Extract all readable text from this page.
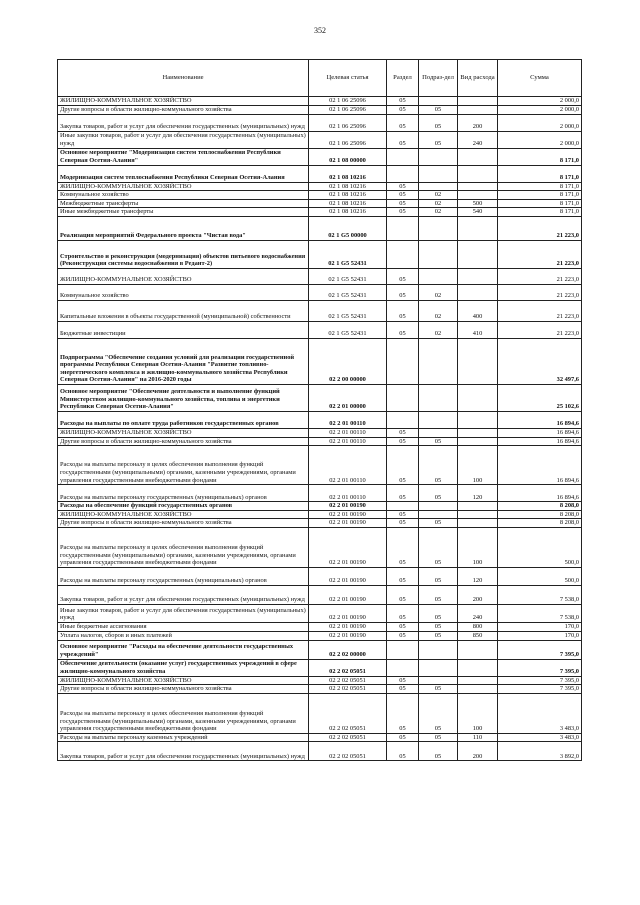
352
Наименование	Целевая статья	Раздел	Подраз-дел	Вид расхода	Сумма
ЖИЛИЩНО-КОММУНАЛЬНОЕ ХОЗЯЙСТВО	02 1 06 25096	05			2 000,0
Другие вопросы в области жилищно-коммунального хозяйства	02 1 06 25096	05	05		2 000,0
Закупка товаров, работ и услуг для обеспечения государственных (муниципальных) нужд	02 1 06 25096	05	05	200	2 000,0
Иные закупки товаров, работ и услуг для обеспечения государственных (муниципальных) нужд	02 1 06 25096	05	05	240	2 000,0
Основное мероприятие "Модернизация систем теплоснабжения Республики Северная Осетия-Алания"	02 1 08 00000				8 171,0
Модернизация систем теплоснабжения Республики Северная Осетия-Алания	02 1 08 10216				8 171,0
ЖИЛИЩНО-КОММУНАЛЬНОЕ ХОЗЯЙСТВО	02 1 08 10216	05			8 171,0
Коммунальное хозяйство	02 1 08 10216	05	02		8 171,0
Межбюджетные трансферты	02 1 08 10216	05	02	500	8 171,0
Иные межбюджетные трансферты	02 1 08 10216	05	02	540	8 171,0
Реализация мероприятий Федерального проекта "Чистая вода"	02 1 G5 00000				21 223,0
Строительство и реконструкция (модернизация) объектов питьевого водоснабжения (Реконструкция системы водоснабжения в Редант-2)	02 1 G5 52431				21 223,0
ЖИЛИЩНО-КОММУНАЛЬНОЕ ХОЗЯЙСТВО	02 1 G5 52431	05			21 223,0
Коммунальное хозяйство	02 1 G5 52431	05	02		21 223,0
Капитальные вложения в объекты государственной (муниципальной) собственности	02 1 G5 52431	05	02	400	21 223,0
Бюджетные инвестиции	02 1 G5 52431	05	02	410	21 223,0
Подпрограмма "Обеспечение создания условий для реализации государственной программы Республики Северная Осетия-Алания "Развитие топливно-энергетического комплекса и жилищно-коммунального хозяйства Республики Северная Осетия-Алания" на 2016-2020 годы	02 2 00 00000				32 497,6
Основное мероприятие "Обеспечение деятельности и выполнение функций Министерством жилищно-коммунального хозяйства, топлива и энергетики Республики Северная Осетия-Алания"	02 2 01 00000				25 102,6
Расходы на выплаты по оплате труда работников государственных органов	02 2 01 00110				16 894,6
ЖИЛИЩНО-КОММУНАЛЬНОЕ ХОЗЯЙСТВО	02 2 01 00110	05			16 894,6
Другие вопросы в области жилищно-коммунального хозяйства	02 2 01 00110	05	05		16 894,6
Расходы на выплаты персоналу в целях обеспечения выполнения функций государственными (муниципальными) органами, казенными учреждениями, органами управления государственными внебюджетными фондами	02 2 01 00110	05	05	100	16 894,6
Расходы на выплаты персоналу государственных (муниципальных) органов	02 2 01 00110	05	05	120	16 894,6
Расходы на обеспечение функций государственных органов	02 2 01 00190				8 208,0
ЖИЛИЩНО-КОММУНАЛЬНОЕ ХОЗЯЙСТВО	02 2 01 00190	05			8 208,0
Другие вопросы в области жилищно-коммунального хозяйства	02 2 01 00190	05	05		8 208,0
Расходы на выплаты персоналу в целях обеспечения выполнения функций государственными (муниципальными) органами, казенными учреждениями, органами управления государственными внебюджетными фондами	02 2 01 00190	05	05	100	500,0
Расходы на выплаты персоналу государственных (муниципальных) органов	02 2 01 00190	05	05	120	500,0
Закупка товаров, работ и услуг для обеспечения государственных (муниципальных) нужд	02 2 01 00190	05	05	200	7 538,0
Иные закупки товаров, работ и услуг для обеспечения государственных (муниципальных) нужд	02 2 01 00190	05	05	240	7 538,0
Иные бюджетные ассигнования	02 2 01 00190	05	05	800	170,0
Уплата налогов, сборов и иных платежей	02 2 01 00190	05	05	850	170,0
Основное мероприятие "Расходы на обеспечение деятельности государственных учреждений"	02 2 02 00000				7 395,0
Обеспечение деятельности (оказание услуг) государственных учреждений в сфере жилищно-коммунального хозяйства	02 2 02 05051				7 395,0
ЖИЛИЩНО-КОММУНАЛЬНОЕ ХОЗЯЙСТВО	02 2 02 05051	05			7 395,0
Другие вопросы в области жилищно-коммунального хозяйства	02 2 02 05051	05	05		7 395,0
Расходы на выплаты персоналу в целях обеспечения выполнения функций государственными (муниципальными) органами, казенными учреждениями, органами управления государственными внебюджетными фондами	02 2 02 05051	05	05	100	3 483,0
Расходы на выплаты персоналу казенных учреждений	02 2 02 05051	05	05	110	3 483,0
Закупка товаров, работ и услуг для обеспечения государственных (муниципальных) нужд	02 2 02 05051	05	05	200	3 892,0
